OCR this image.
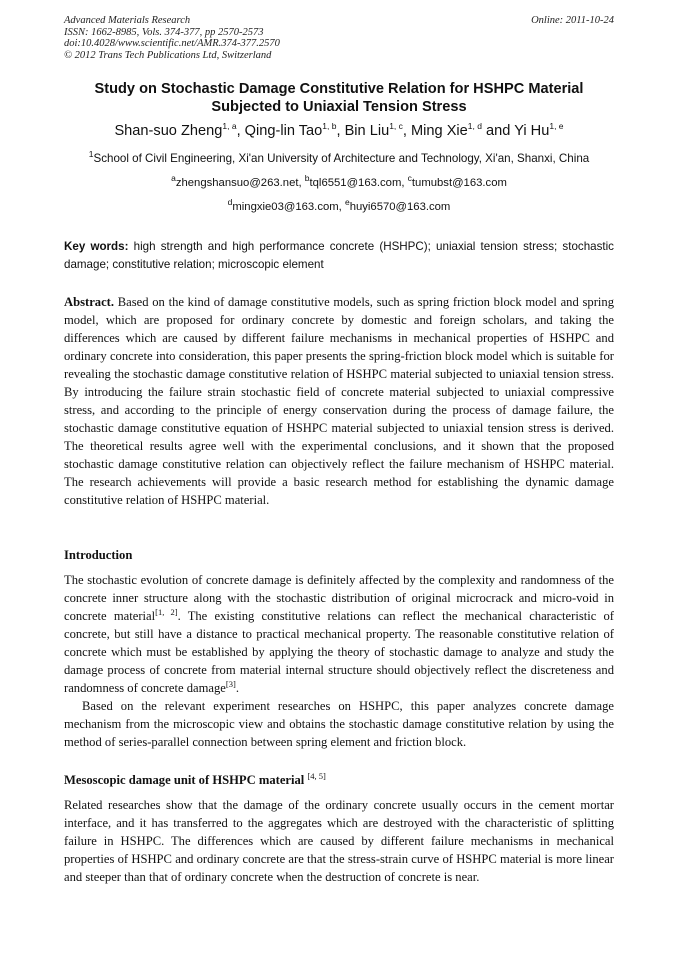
Advanced Materials Research
ISSN: 1662-8985, Vols. 374-377, pp 2570-2573
doi:10.4028/www.scientific.net/AMR.374-377.2570
© 2012 Trans Tech Publications Ltd, Switzerland
Online: 2011-10-24
Study on Stochastic Damage Constitutive Relation for HSHPC Material
Subjected to Uniaxial Tension Stress
Shan-suo Zheng$^{1, a}$, Qing-lin Tao$^{1, b}$, Bin Liu$^{1, c}$, Ming Xie$^{1, d}$ and Yi Hu$^{1, e}$
$^1$School of Civil Engineering, Xi'an University of Architecture and Technology, Xi'an, Shanxi, China
$^a$zhengshansuo@263.net, $^b$tql6551@163.com, $^c$tumubst@163.com
$^d$mingxie03@163.com, $^e$huyi6570@163.com
Key words: high strength and high performance concrete (HSHPC); uniaxial tension stress; stochastic damage; constitutive relation; microscopic element

Abstract. Based on the kind of damage constitutive models, such as spring friction block model and spring model, which are proposed for ordinary concrete by domestic and foreign scholars, and taking the differences which are caused by different failure mechanisms in mechanical properties of HSHPC and ordinary concrete into consideration, this paper presents the spring-friction block model which is suitable for revealing the stochastic damage constitutive relation of HSHPC material subjected to uniaxial tension stress. By introducing the failure strain stochastic field of concrete material subjected to uniaxial compressive stress, and according to the principle of energy conservation during the process of damage failure, the stochastic damage constitutive equation of HSHPC material subjected to uniaxial tension stress is derived. The theoretical results agree well with the experimental conclusions, and it shown that the proposed stochastic damage constitutive relation can objectively reflect the failure mechanism of HSHPC material. The research achievements will provide a basic research method for establishing the dynamic damage constitutive relation of HSHPC material.

Introduction

The stochastic evolution of concrete damage is definitely affected by the complexity and randomness of the concrete inner structure along with the stochastic distribution of original microcrack and micro-void in concrete material[1, 2]. The existing constitutive relations can reflect the mechanical characteristic of concrete, but still have a distance to practical mechanical property. The reasonable constitutive relation of concrete which must be established by applying the theory of stochastic damage to analyze and study the damage process of concrete from material internal structure should objectively reflect the discreteness and randomness of concrete damage[3].

Based on the relevant experiment researches on HSHPC, this paper analyzes concrete damage mechanism from the microscopic view and obtains the stochastic damage constitutive relation by using the method of series-parallel connection between spring element and friction block.

Mesoscopic damage unit of HSHPC material [4, 5]

Related researches show that the damage of the ordinary concrete usually occurs in the cement mortar interface, and it has transferred to the aggregates which are destroyed with the characteristic of splitting failure in HSHPC. The differences which are caused by different failure mechanisms in mechanical properties of HSHPC and ordinary concrete are that the stress-strain curve of HSHPC material is more linear and steeper than that of ordinary concrete when the destruction of concrete is near.
